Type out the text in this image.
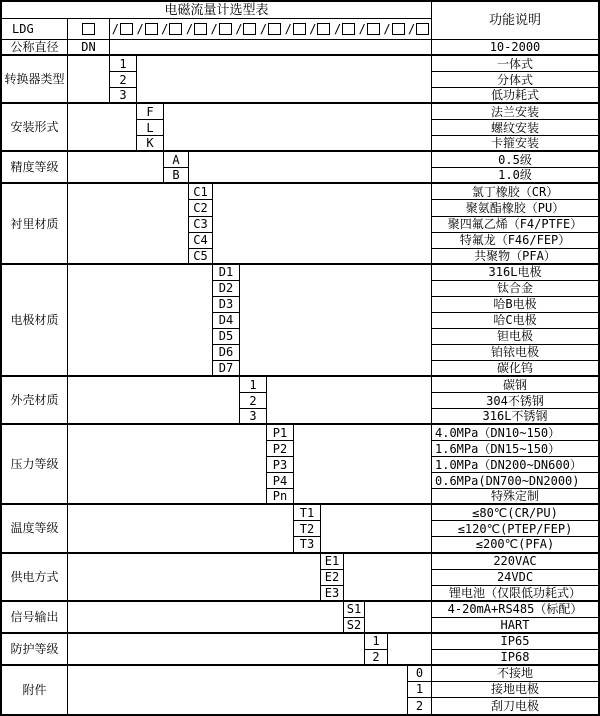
电磁流量计选型表
功能说明
LDG
/
/
/
/
/
/
/
/
/
/
/
/
/
公称直径	DN	10-2000
转换器类型
1
2
3
一体式
分体式
低功耗式
安装形式
F
L
K
法兰安装
螺纹安装
卡箍安装
精度等级
A
B
0.5级
1.0级
衬里材质
C1
C2
C3
C4
C5
氯丁橡胶（CR）
聚氨酯橡胶（PU）
聚四氟乙烯（F4/PTFE）
特氟龙（F46/FEP）
共聚物（PFA）
电极材质
D1
D2
D3
D4
D5
D6
D7
316L电极
钛合金
哈B电极
哈C电极
钽电极
铂铱电极
碳化钨
外壳材质
1
2
3
碳钢
304不锈钢
316L不锈钢
压力等级
P1
P2
P3
P4
Pn
4.0MPa（DN10~150）
1.6MPa（DN15~150）
1.0MPa（DN200~DN600）
0.6MPa(DN700~DN2000)
特殊定制
温度等级
T1
T2
T3
≤80℃(CR/PU)
≤120℃(PTEP/FEP)
≤200℃(PFA)
供电方式
E1
E2
E3
220VAC
24VDC
锂电池（仅限低功耗式）
信号输出
S1
S2
4-20mA+RS485（标配）
HART
防护等级
1
2
IP65
IP68
附件
0
1
2
不接地
接地电极
刮刀电极
